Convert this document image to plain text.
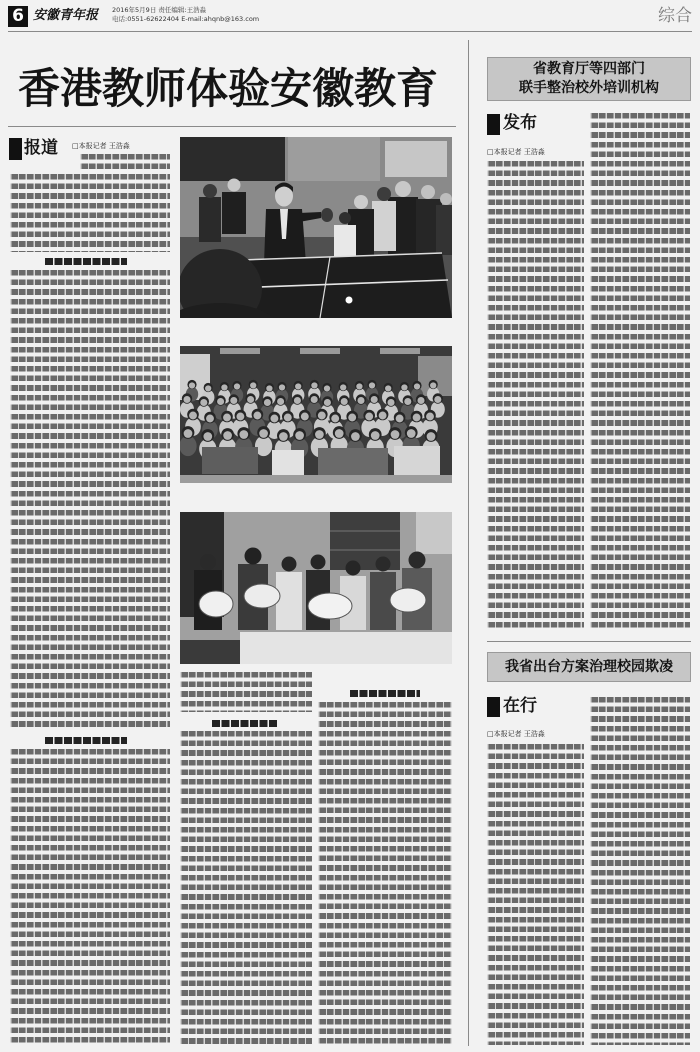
6 安徽青年报 2016年5月9日 责任编辑:王浩淼
电话:0551-62622404 E-mail:ahqnb@163.com	综合
香港教师体验安徽教育
报道 □本报记者 王浩淼
省教育厅等四部门
联手整治校外培训机构
发布
□本报记者 王浩淼
我省出台方案治理校园欺凌
在行
□本报记者 王浩淼
